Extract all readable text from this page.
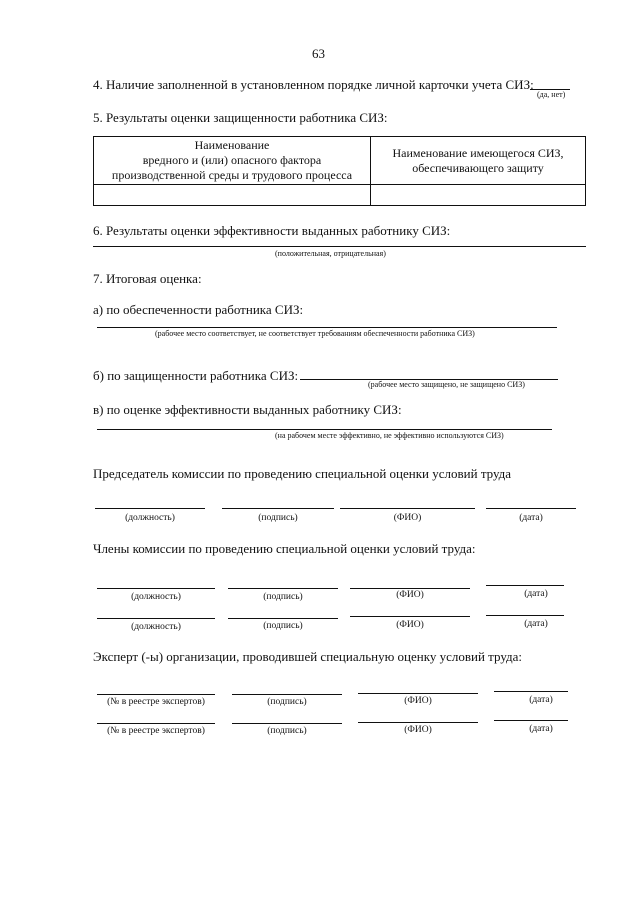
63
4. Наличие заполненной в установленном порядке личной карточки учета СИЗ:
(да, нет)
5. Результаты оценки защищенности работника СИЗ:
Наименование
вредного и (или) опасного фактора
производственной среды и трудового процесса	Наименование имеющегося СИЗ,
обеспечивающего защиту

6. Результаты оценки эффективности выданных работнику СИЗ:
(положительная, отрицательная)
7. Итоговая оценка:
а) по обеспеченности работника СИЗ:
(рабочее место соответствует, не соответствует требованиям обеспеченности работника СИЗ)
б) по защищенности работника СИЗ:
(рабочее место защищено, не защищено СИЗ)
в) по оценке эффективности выданных работнику СИЗ:
(на рабочем месте эффективно, не эффективно используются СИЗ)
Председатель комиссии по проведению специальной оценки условий труда
(должность)	(подпись)	(ФИО)	(дата)
Члены комиссии по проведению специальной оценки условий труда:
(должность)	(подпись)	(ФИО)	(дата)
(должность)	(подпись)	(ФИО)	(дата)
Эксперт (-ы) организации, проводившей специальную оценку условий труда:
(№ в реестре экспертов)	(подпись)	(ФИО)	(дата)
(№ в реестре экспертов)	(подпись)	(ФИО)	(дата)
